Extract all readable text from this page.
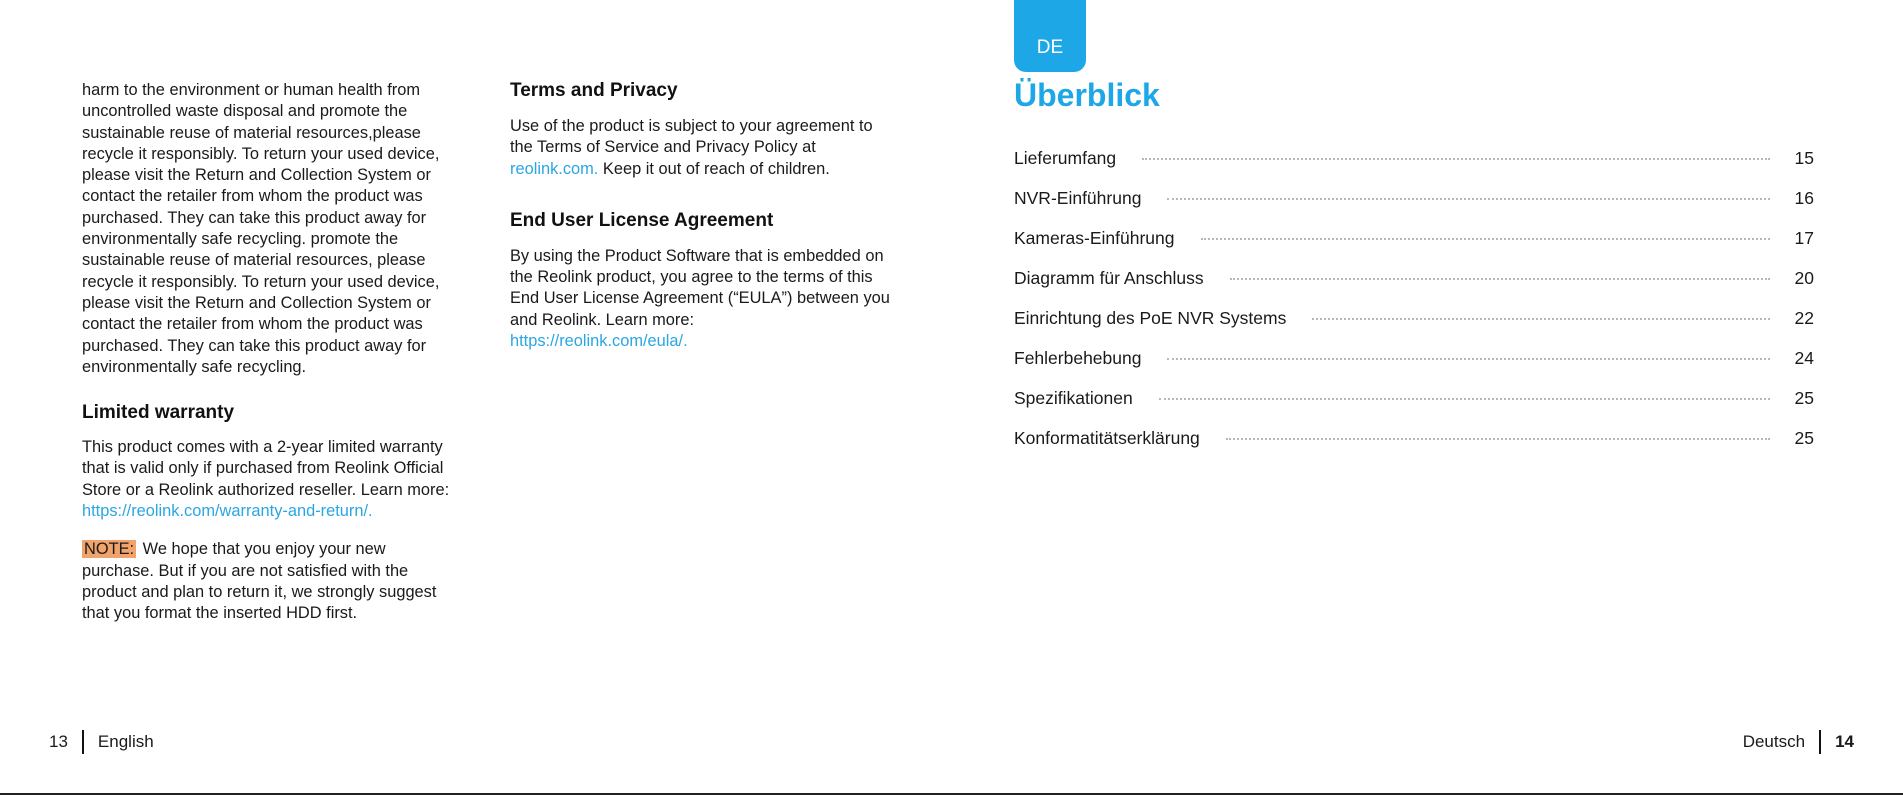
harm to the environment or human health from uncontrolled waste disposal and promote the sustainable reuse of material resources,please recycle it responsibly. To return your used device, please visit the Return and Collection System or contact the retailer from whom the product was purchased. They can take this product away for environmentally safe recycling. promote the sustainable reuse of material resources, please recycle it responsibly. To return your used device, please visit the Return and Collection System or contact the retailer from whom the product was purchased. They can take this product away for environmentally safe recycling.

Limited warranty

This product comes with a 2-year limited warranty that is valid only if purchased from Reolink Official Store or a Reolink authorized reseller. Learn more:
https://reolink.com/warranty-and-return/.

NOTE: We hope that you enjoy your new purchase. But if you are not satisfied with the product and plan to return it, we strongly suggest that you format the inserted HDD first.

Terms and Privacy

Use of the product is subject to your agreement to the Terms of Service and Privacy Policy at reolink.com. Keep it out of reach of children.

End User License Agreement

By using the Product Software that is embedded on the Reolink product, you agree to the terms of this End User License Agreement (“EULA”) between you and Reolink. Learn more:
https://reolink.com/eula/.

DE
Überblick
Lieferumfang	15
NVR-Einführung	16
Kameras-Einführung	17
Diagramm für Anschluss	20
Einrichtung des PoE NVR Systems	22
Fehlerbehebung	24
Spezifikationen	25
Konformatitätserklärung	25
13 English	Deutsch 14
